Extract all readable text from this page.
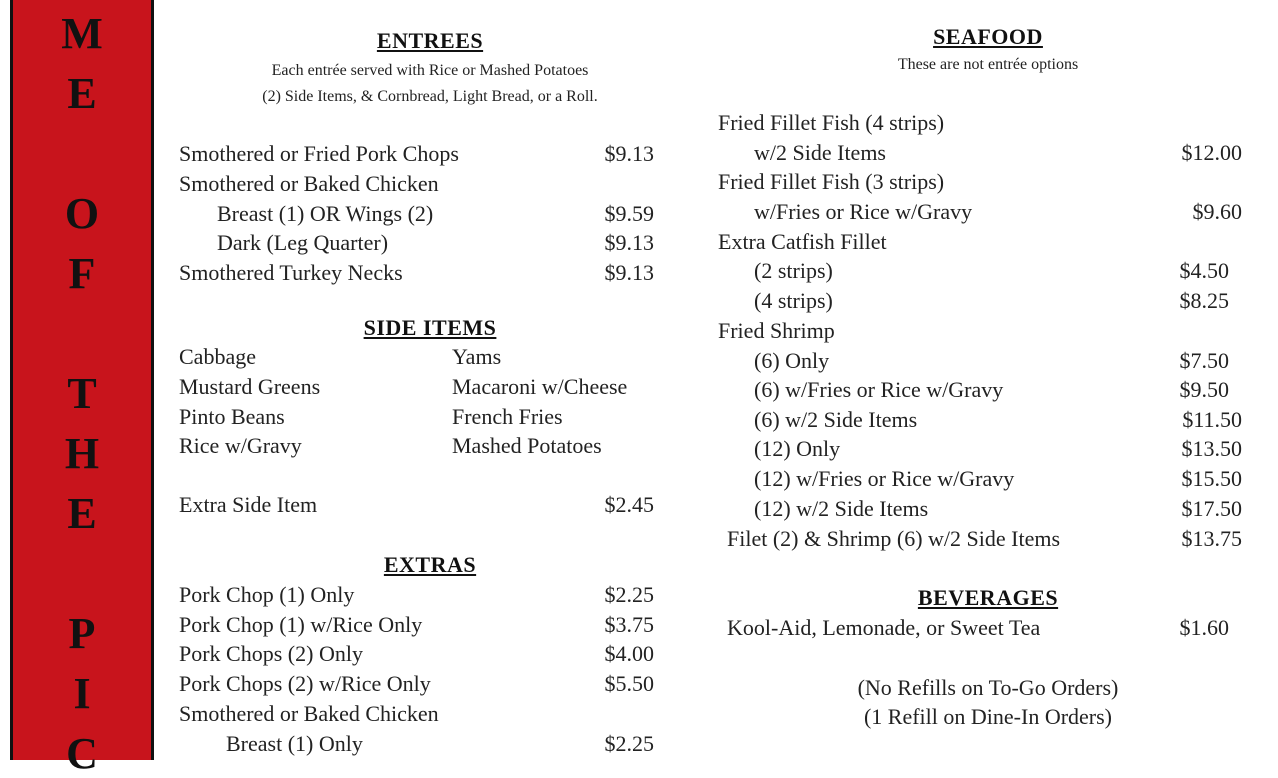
M
E
O
F
T
H
E
P
I
C
ENTREES
Each entrée served with Rice or Mashed Potatoes
(2) Side Items, & Cornbread, Light Bread, or a Roll.
Smothered or Fried Pork Chops	$9.13
Smothered or Baked Chicken
Breast (1) OR Wings (2)	$9.59
Dark (Leg Quarter)	$9.13
Smothered Turkey Necks	$9.13
SIDE ITEMS
Cabbage	Yams
Mustard Greens	Macaroni w/Cheese
Pinto Beans	French Fries
Rice w/Gravy	Mashed Potatoes
Extra Side Item	$2.45
EXTRAS
Pork Chop (1) Only	$2.25
Pork Chop (1) w/Rice Only	$3.75
Pork Chops (2) Only	$4.00
Pork Chops (2) w/Rice Only	$5.50
Smothered or Baked Chicken
Breast (1) Only	$2.25
SEAFOOD
These are not entrée options
Fried Fillet Fish (4 strips)
w/2 Side Items	$12.00
Fried Fillet Fish (3 strips)
w/Fries or Rice w/Gravy	$9.60
Extra Catfish Fillet
(2 strips)	$4.50
(4 strips)	$8.25
Fried Shrimp
(6) Only	$7.50
(6) w/Fries or Rice w/Gravy	$9.50
(6) w/2 Side Items	$11.50
(12) Only	$13.50
(12) w/Fries or Rice w/Gravy	$15.50
(12) w/2 Side Items	$17.50
Filet (2) & Shrimp (6) w/2 Side Items	$13.75
BEVERAGES
Kool-Aid, Lemonade, or Sweet Tea	$1.60
(No Refills on To-Go Orders)
(1 Refill on Dine-In Orders)
